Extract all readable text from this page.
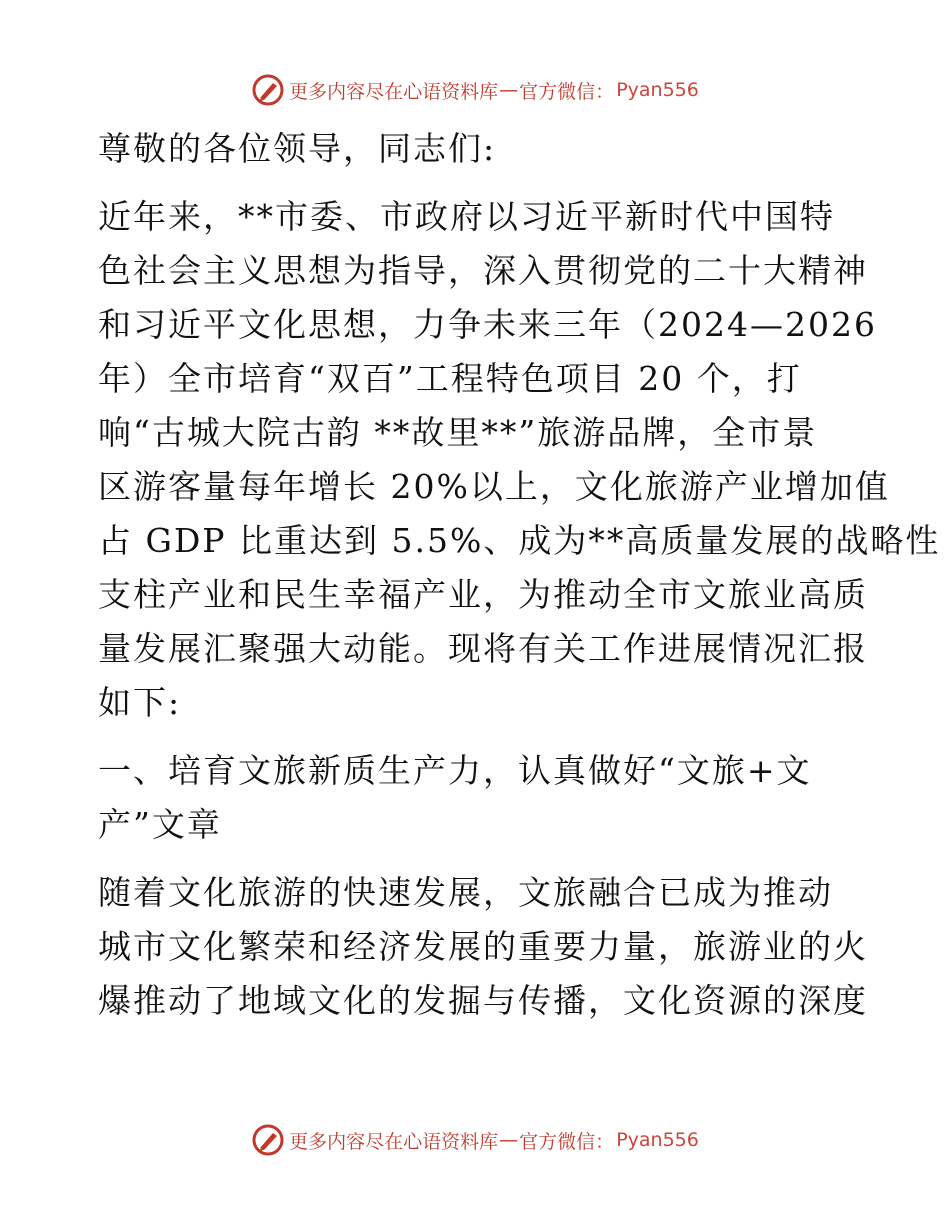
更多内容尽在心语资料库 — 官方微信： Pyan556

尊敬的各位领导，同志们:

近年来，**市委、市政府以习近平新时代中国特
色社会主义思想为指导，深入贯彻党的二十大精神
和习近平文化思想，力争未来三年（2024—2026
年）全市培育“双百”工程特色项目 20 个，打
响“古城大院古韵 **故里**”旅游品牌，全市景
区游客量每年增长 20%以上，文化旅游产业增加值
占 GDP 比重达到 5.5%、成为**高质量发展的战略性
支柱产业和民生幸福产业，为推动全市文旅业高质
量发展汇聚强大动能。现将有关工作进展情况汇报
如下:

一、培育文旅新质生产力，认真做好“文旅+文
产”文章

随着文化旅游的快速发展，文旅融合已成为推动
城市文化繁荣和经济发展的重要力量，旅游业的火
爆推动了地域文化的发掘与传播，文化资源的深度

更多内容尽在心语资料库 — 官方微信： Pyan556
